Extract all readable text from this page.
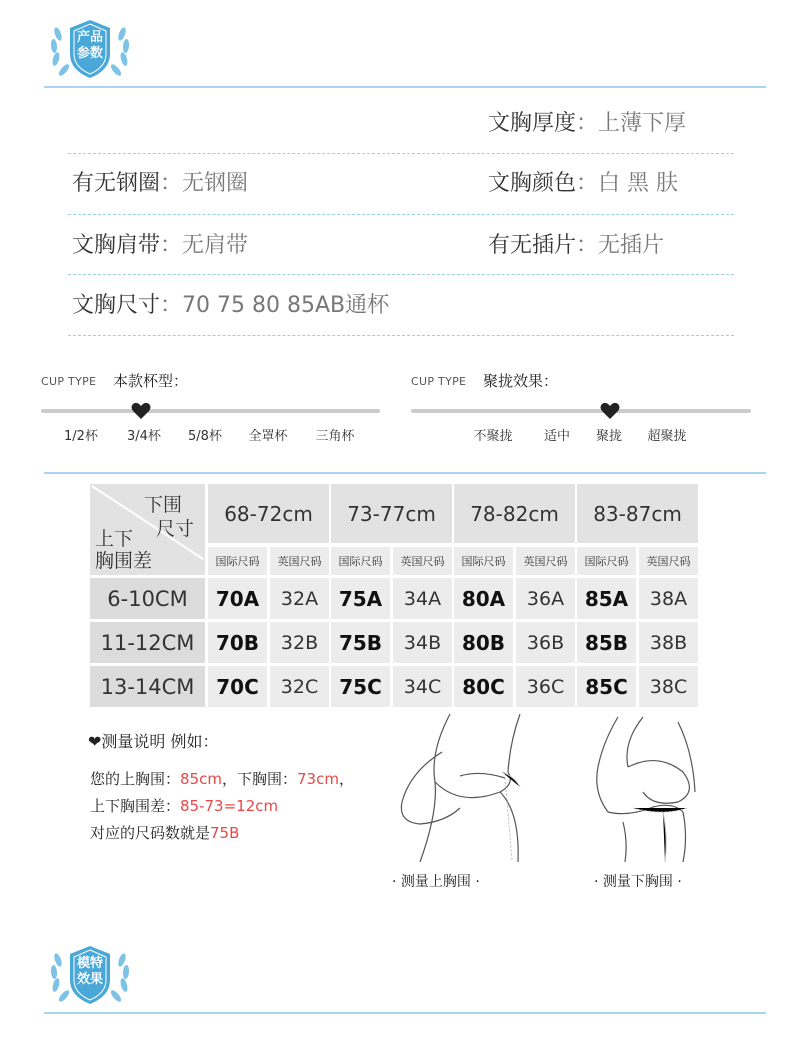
产品
参数
文胸厚度：上薄下厚
有无钢圈：无钢圈	文胸颜色：白 黑 肤
文胸肩带：无肩带	有无插片：无插片
文胸尺寸：70 75 80 85AB通杯
CUP TYPE 本款杯型：
1/2杯 3/4杯 5/8杯 全罩杯 三角杯
CUP TYPE 聚拢效果：
不聚拢 适中 聚拢 超聚拢
下围
尺寸
上下
胸围差
68-72cm	73-77cm	78-82cm	83-87cm
国际尺码	英国尺码	国际尺码	英国尺码	国际尺码	英国尺码	国际尺码	英国尺码
6-10CM	70A	32A	75A	34A	80A	36A	85A	38A
11-12CM	70B	32B	75B	34B	80B	36B	85B	38B
13-14CM	70C	32C	75C	34C	80C	36C	85C	38C
❤测量说明 例如：
您的上胸围：85cm，下胸围：73cm，
上下胸围差：85-73=12cm
对应的尺码数就是75B
· 测量上胸围 ·	· 测量下胸围 ·
模特
效果
